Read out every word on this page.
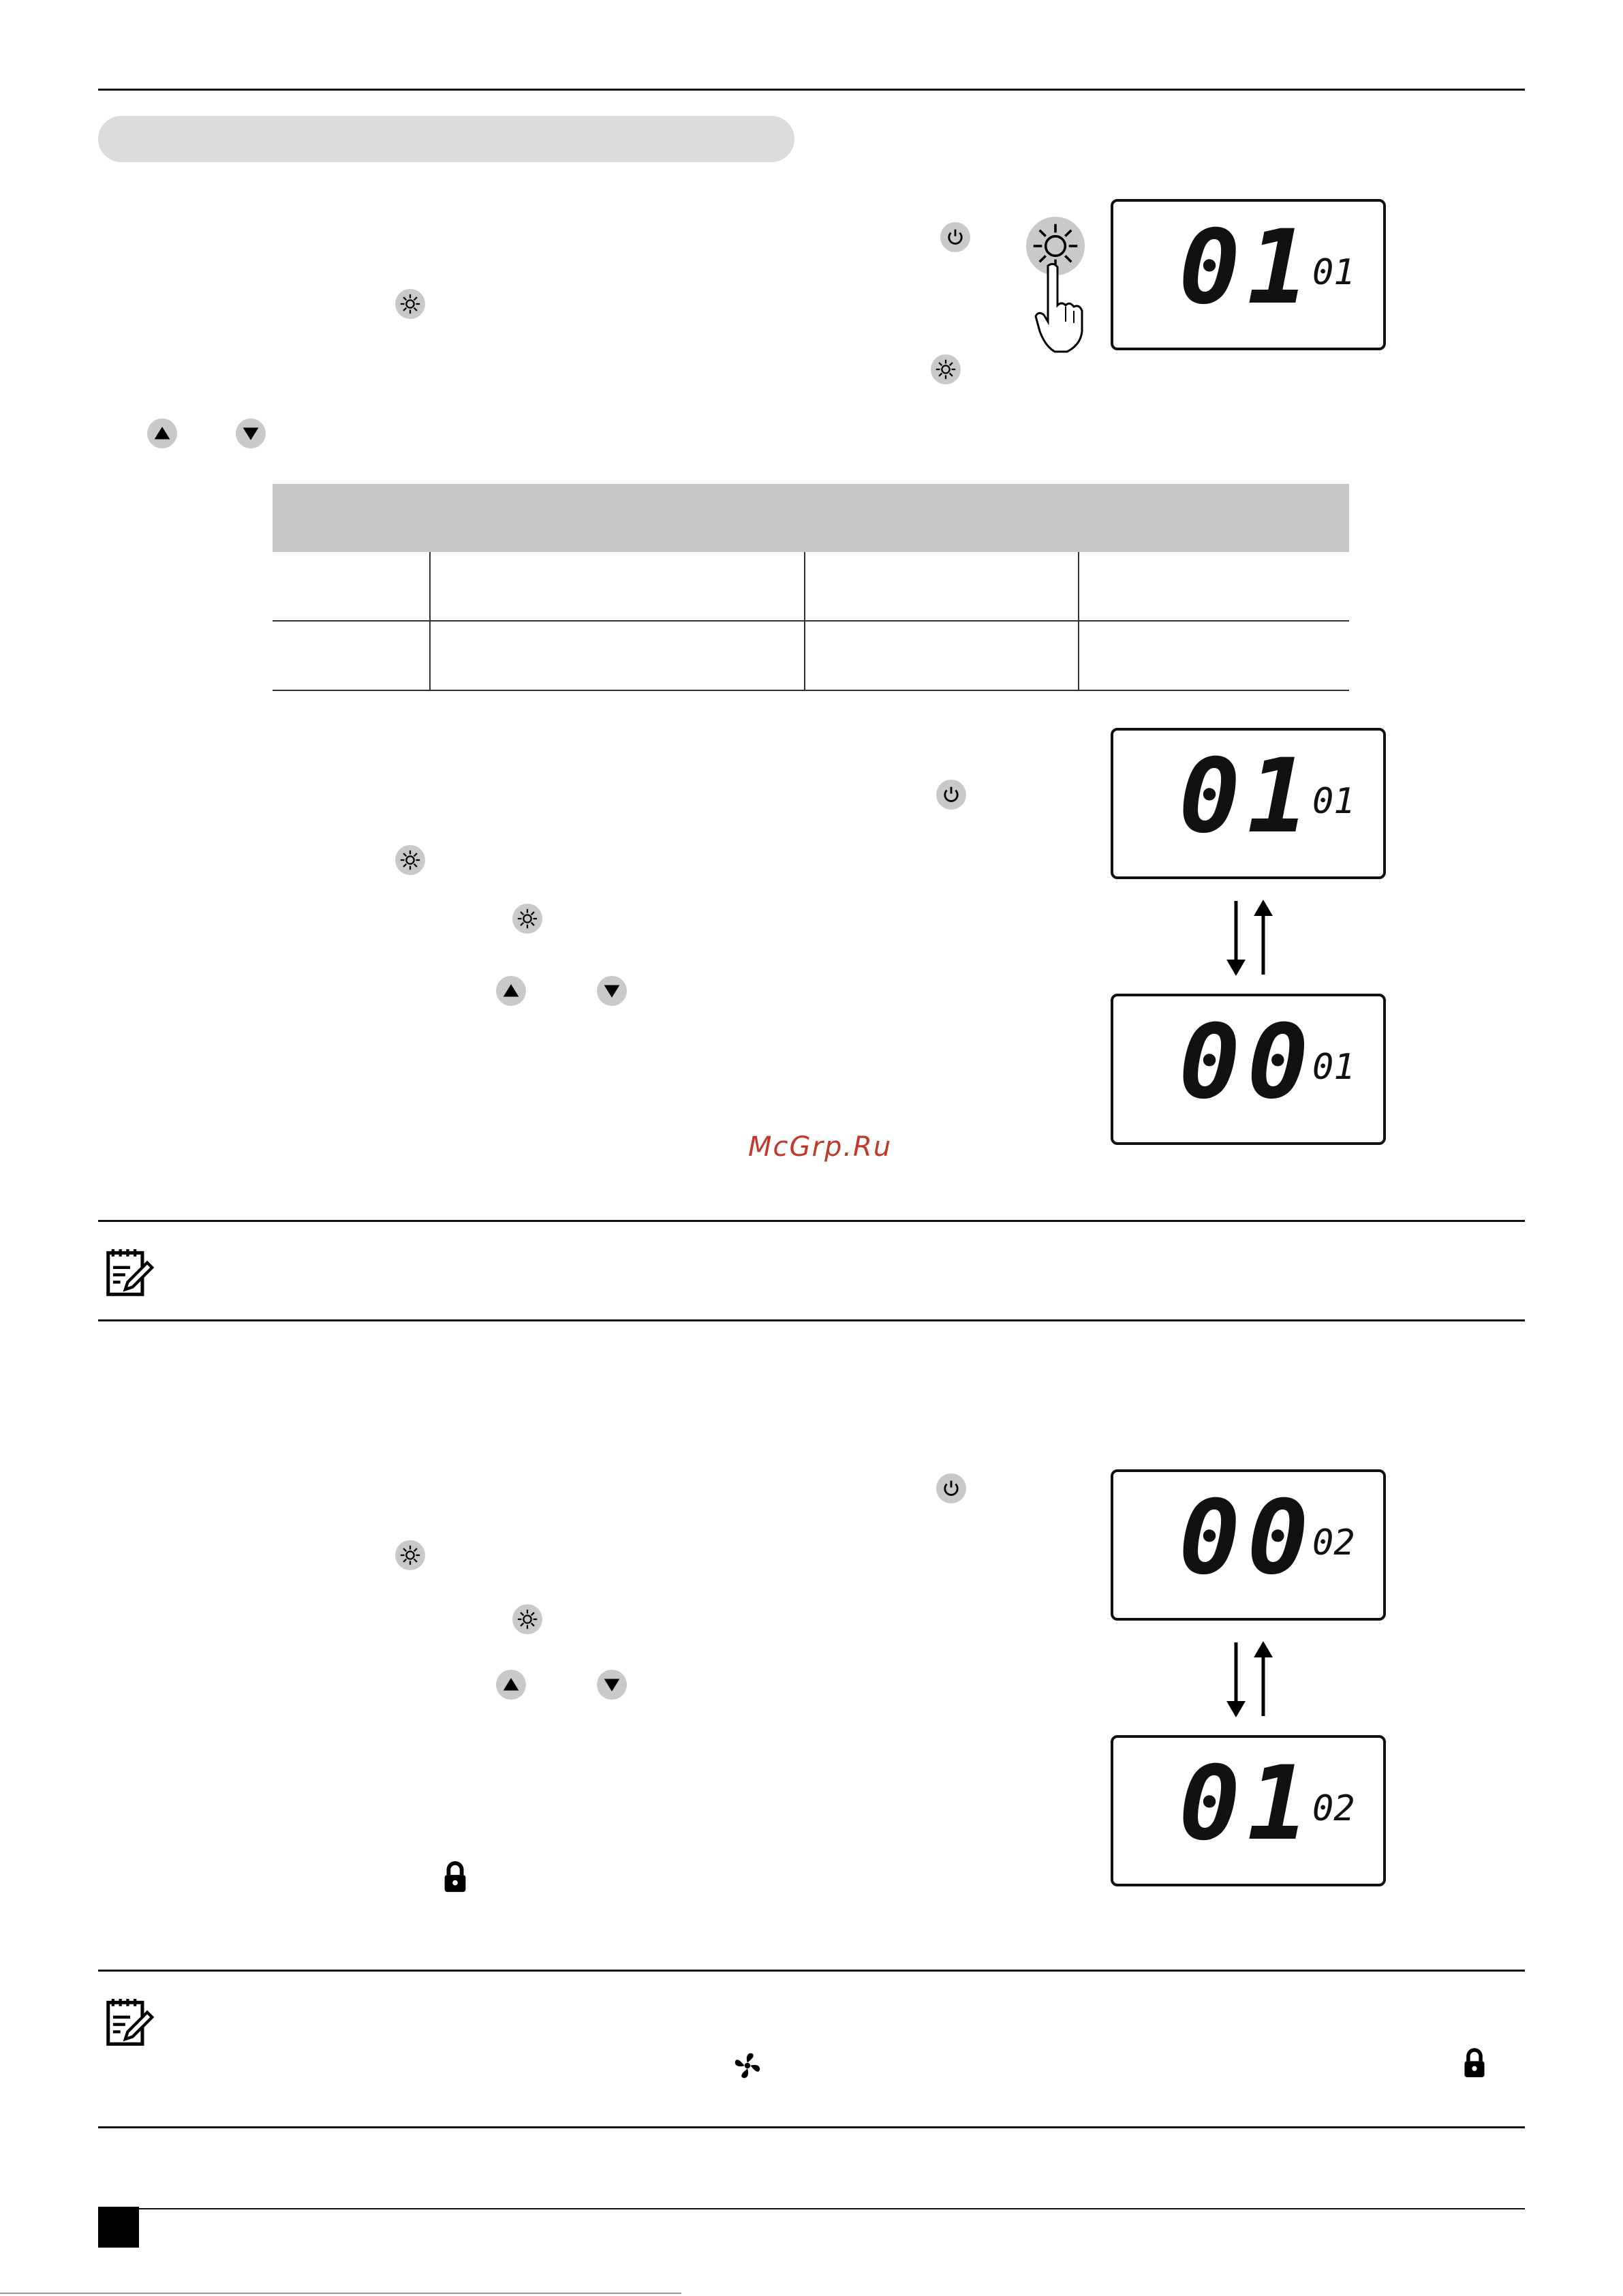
01
01

01
01
00
01
McGrp.Ru
00
02
01
02
